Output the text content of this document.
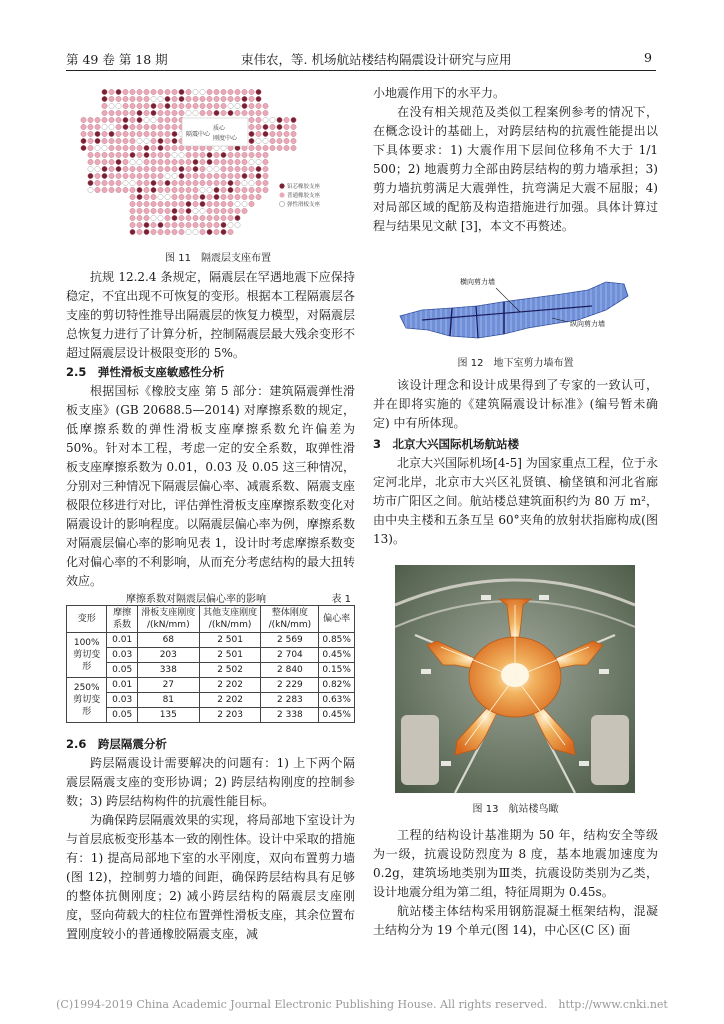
第 49 卷 第 18 期	束伟农，等. 机场航站楼结构隔震设计研究与应用	9
隔震中心
质心
刚度中心
铅芯橡胶支座
普通橡胶支座
弹性滑板支座
图 11　隔震层支座布置

抗规 12.2.4 条规定，隔震层在罕遇地震下应保持稳定，不宜出现不可恢复的变形。根据本工程隔震层各支座的剪切特性推导出隔震层的恢复力模型，对隔震层总恢复力进行了计算分析，控制隔震层最大残余变形不超过隔震层设计极限变形的 5%。

2.5　弹性滑板支座敏感性分析

根据国标《橡胶支座 第 5 部分：建筑隔震弹性滑板支座》(GB 20688.5—2014) 对摩擦系数的规定，低摩擦系数的弹性滑板支座摩擦系数允许偏差为 50%。针对本工程，考虑一定的安全系数，取弹性滑板支座摩擦系数为 0.01，0.03 及 0.05 这三种情况，分别对三种情况下隔震层偏心率、减震系数、隔震支座极限位移进行对比，评估弹性滑板支座摩擦系数变化对隔震设计的影响程度。以隔震层偏心率为例，摩擦系数对隔震层偏心率的影响见表 1，设计时考虑摩擦系数变化对偏心率的不利影响，从而充分考虑结构的最大扭转效应。

摩擦系数对隔震层偏心率的影响	表 1
变形	摩擦系数	滑板支座刚度 /(kN/mm)	其他支座刚度 /(kN/mm)	整体刚度 /(kN/mm)	偏心率
100%剪切变形	0.01	68	2 501	2 569	0.85%
	0.03	203	2 501	2 704	0.45%
	0.05	338	2 502	2 840	0.15%
250%剪切变形	0.01	27	2 202	2 229	0.82%
	0.03	81	2 202	2 283	0.63%
	0.05	135	2 203	2 338	0.45%
2.6　跨层隔震分析

跨层隔震设计需要解决的问题有：1) 上下两个隔震层隔震支座的变形协调；2) 跨层结构刚度的控制参数；3) 跨层结构构件的抗震性能目标。

为确保跨层隔震效果的实现，将局部地下室设计为与首层底板变形基本一致的刚性体。设计中采取的措施有：1) 提高局部地下室的水平刚度，双向布置剪力墙(图 12)，控制剪力墙的间距，确保跨层结构具有足够的整体抗侧刚度；2) 减小跨层结构的隔震层支座刚度，竖向荷载大的柱位布置弹性滑板支座，其余位置布置刚度较小的普通橡胶隔震支座，减

小地震作用下的水平力。

在没有相关规范及类似工程案例参考的情况下，在概念设计的基础上，对跨层结构的抗震性能提出以下具体要求：1) 大震作用下层间位移角不大于 1/1 500；2) 地震剪力全部由跨层结构的剪力墙承担；3) 剪力墙抗剪满足大震弹性，抗弯满足大震不屈服；4) 对局部区域的配筋及构造措施进行加强。具体计算过程与结果见文献 [3]，本文不再赘述。

横向剪力墙
纵向剪力墙
图 12　地下室剪力墙布置

该设计理念和设计成果得到了专家的一致认可，并在即将实施的《建筑隔震设计标准》(编号暂未确定) 中有所体现。

3　北京大兴国际机场航站楼

北京大兴国际机场[4-5] 为国家重点工程，位于永定河北岸，北京市大兴区礼贤镇、榆垡镇和河北省廊坊市广阳区之间。航站楼总建筑面积约为 80 万 m²，由中央主楼和五条互呈 60°夹角的放射状指廊构成(图 13)。

图 13　航站楼鸟瞰

工程的结构设计基准期为 50 年，结构安全等级为一级，抗震设防烈度为 8 度，基本地震加速度为 0.2g，建筑场地类别为Ⅲ类，抗震设防类别为乙类，设计地震分组为第二组，特征周期为 0.45s。

航站楼主体结构采用钢筋混凝土框架结构，混凝土结构分为 19 个单元(图 14)，中心区(C 区) 面

(C)1994-2019 China Academic Journal Electronic Publishing House. All rights reserved.　http://www.cnki.net
